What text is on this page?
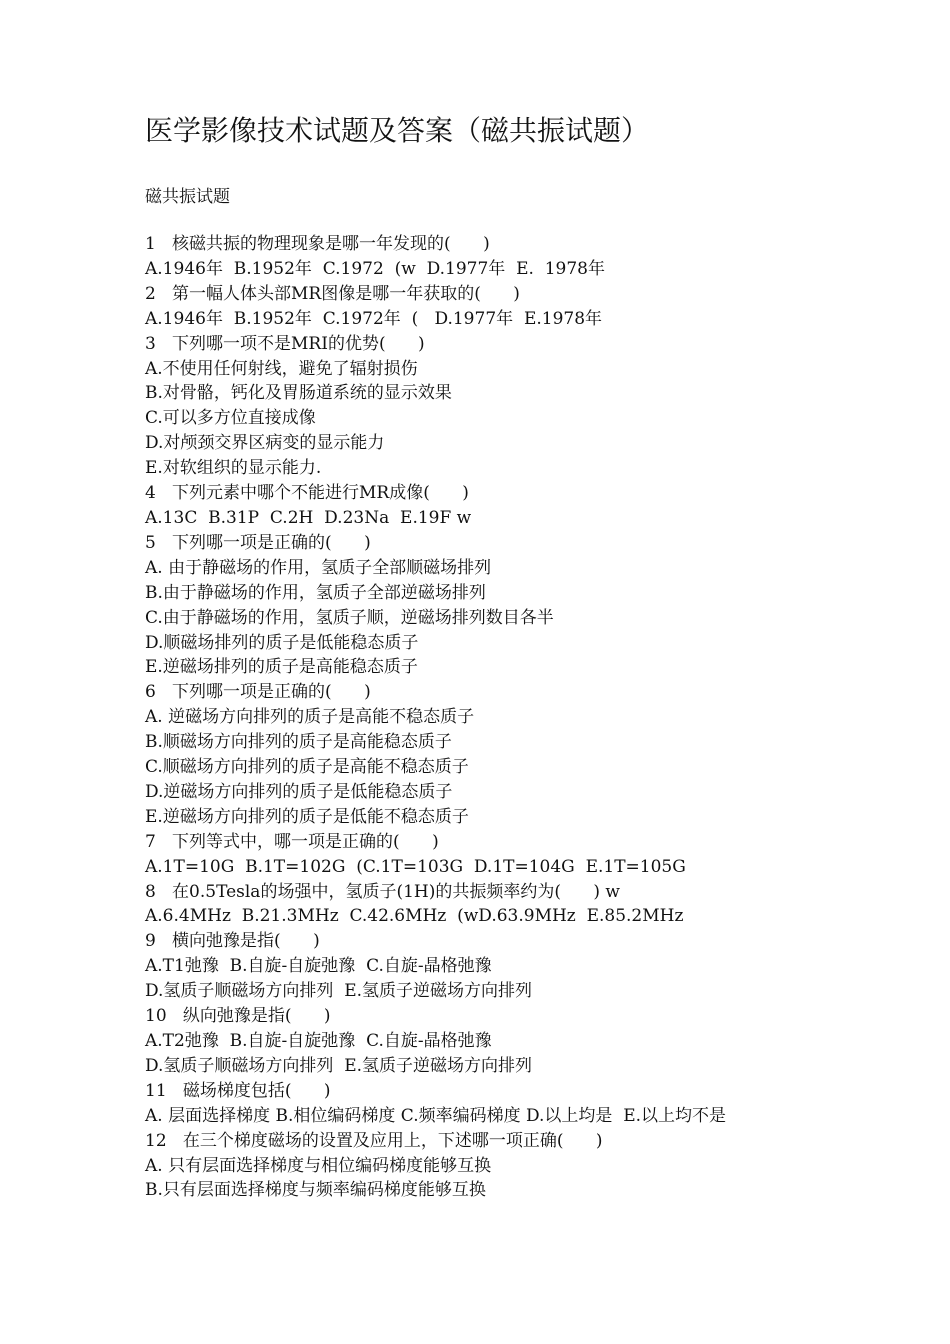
医学影像技术试题及答案（磁共振试题）
磁共振试题
1   核磁共振的物理现象是哪一年发现的(      )
A.1946年  B.1952年  C.1972  (w  D.1977年  E.  1978年
2   第一幅人体头部MR图像是哪一年获取的(      )
A.1946年  B.1952年  C.1972年  (   D.1977年  E.1978年
3   下列哪一项不是MRI的优势(      )
A.不使用任何射线，避免了辐射损伤
B.对骨骼，钙化及胃肠道系统的显示效果
C.可以多方位直接成像
D.对颅颈交界区病变的显示能力
E.对软组织的显示能力.
4   下列元素中哪个不能进行MR成像(      )
A.13C  B.31P  C.2H  D.23Na  E.19F w
5   下列哪一项是正确的(      )
A. 由于静磁场的作用，氢质子全部顺磁场排列
B.由于静磁场的作用，氢质子全部逆磁场排列
C.由于静磁场的作用，氢质子顺，逆磁场排列数目各半
D.顺磁场排列的质子是低能稳态质子
E.逆磁场排列的质子是高能稳态质子
6   下列哪一项是正确的(      )
A. 逆磁场方向排列的质子是高能不稳态质子
B.顺磁场方向排列的质子是高能稳态质子
C.顺磁场方向排列的质子是高能不稳态质子
D.逆磁场方向排列的质子是低能稳态质子
E.逆磁场方向排列的质子是低能不稳态质子
7   下列等式中，哪一项是正确的(      )
A.1T=10G  B.1T=102G  (C.1T=103G  D.1T=104G  E.1T=105G
8   在0.5Tesla的场强中，氢质子(1H)的共振频率约为(      ) w
A.6.4MHz  B.21.3MHz  C.42.6MHz  (wD.63.9MHz  E.85.2MHz
9   横向弛豫是指(      )
A.T1弛豫  B.自旋-自旋弛豫  C.自旋-晶格弛豫
D.氢质子顺磁场方向排列  E.氢质子逆磁场方向排列
10   纵向弛豫是指(      )
A.T2弛豫  B.自旋-自旋弛豫  C.自旋-晶格弛豫
D.氢质子顺磁场方向排列  E.氢质子逆磁场方向排列
11   磁场梯度包括(      )
A. 层面选择梯度 B.相位编码梯度 C.频率编码梯度 D.以上均是  E.以上均不是
12   在三个梯度磁场的设置及应用上，下述哪一项正确(      )
A. 只有层面选择梯度与相位编码梯度能够互换
B.只有层面选择梯度与频率编码梯度能够互换
